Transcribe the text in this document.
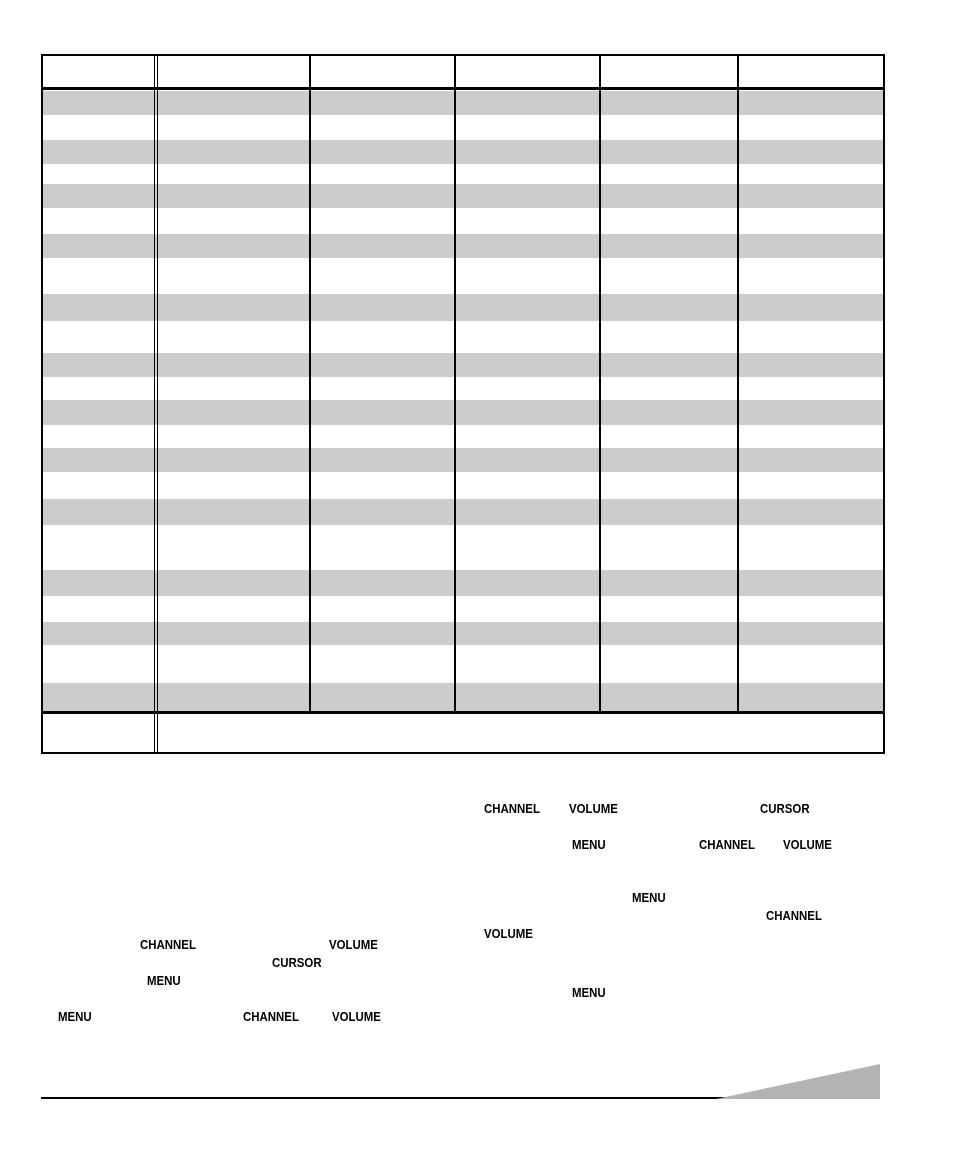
CHANNEL	VOLUME
CURSOR
MENU
MENU	CHANNEL	VOLUME
CHANNEL VOLUME	CURSOR
MENU	CHANNEL VOLUME
MENU
CHANNEL
VOLUME
MENU
